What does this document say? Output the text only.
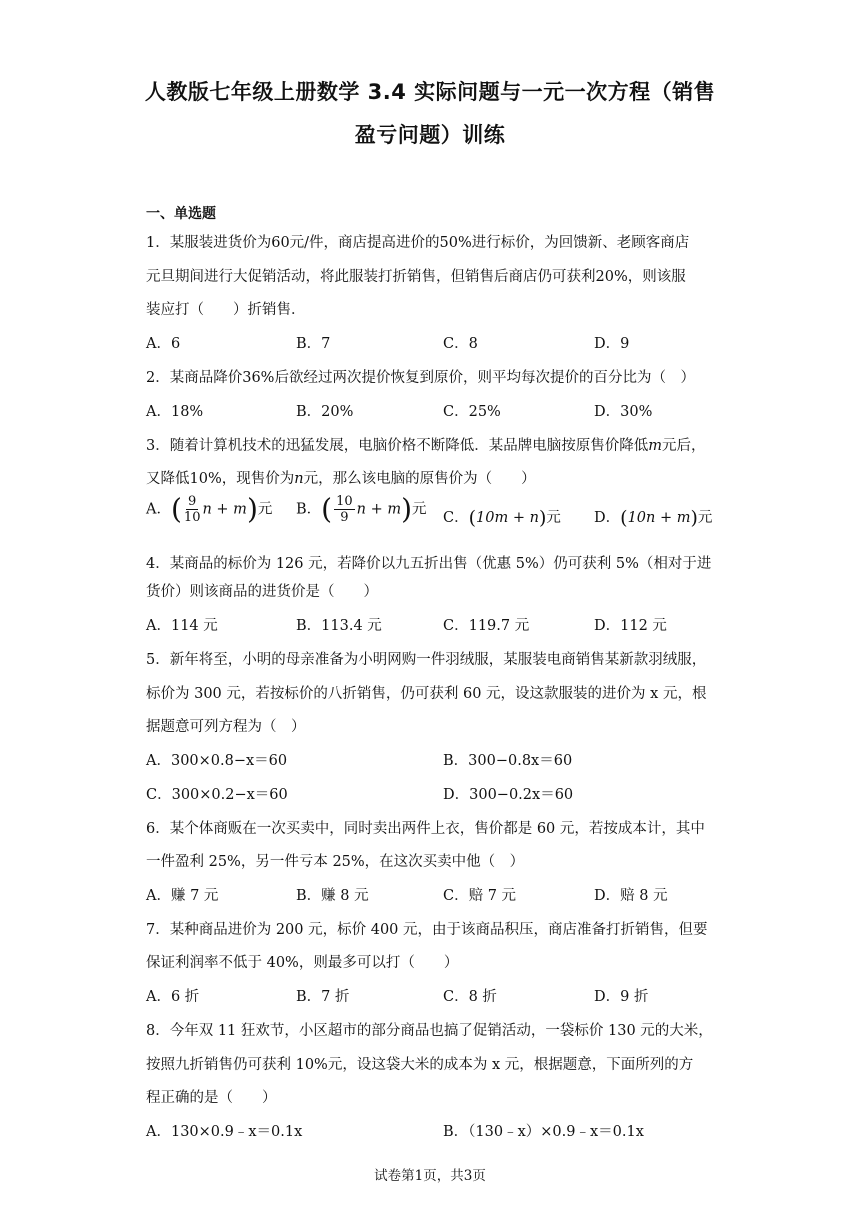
人教版七年级上册数学 3.4 实际问题与一元一次方程（销售
盈亏问题）训练
一、单选题
1．某服装进货价为60元/件，商店提高进价的50%进行标价，为回馈新、老顾客商店
元旦期间进行大促销活动，将此服装打折销售，但销售后商店仍可获利20%，则该服
装应打（　　）折销售．
A．6	B．7	C．8	D．9
2．某商品降价36%后欲经过两次提价恢复到原价，则平均每次提价的百分比为（　）
A．18%	B．20%	C．25%	D．30%
3．随着计算机技术的迅猛发展，电脑价格不断降低．某品牌电脑按原售价降低m元后，
又降低10%，现售价为n元，那么该电脑的原售价为（　　）
A．( $\frac{9}{10}$ n + m)元 B．( $\frac{10}{9}$ n + m)元
C．(10m + n)元 D．(10n + m)元
4．某商品的标价为 126 元，若降价以九五折出售（优惠 5%）仍可获利 5%（相对于进
货价）则该商品的进货价是（　　）
A．114 元	B．113.4 元	C．119.7 元	D．112 元
5．新年将至，小明的母亲准备为小明网购一件羽绒服，某服装电商销售某新款羽绒服，
标价为 300 元，若按标价的八折销售，仍可获利 60 元，设这款服装的进价为 x 元，根
据题意可列方程为（　）
A．300×0.8−x＝60	B．300−0.8x＝60
C．300×0.2−x＝60	D．300−0.2x＝60
6．某个体商贩在一次买卖中，同时卖出两件上衣，售价都是 60 元，若按成本计，其中
一件盈利 25%，另一件亏本 25%，在这次买卖中他（　）
A．赚 7 元	B．赚 8 元	C．赔 7 元	D．赔 8 元
7．某种商品进价为 200 元，标价 400 元，由于该商品积压，商店准备打折销售，但要
保证利润率不低于 40%，则最多可以打（　　）
A．6 折	B．7 折	C．8 折	D．9 折
8．今年双 11 狂欢节，小区超市的部分商品也搞了促销活动，一袋标价 130 元的大米，
按照九折销售仍可获利 10%元，设这袋大米的成本为 x 元，根据题意，下面所列的方
程正确的是（　　）
A．130×0.9﹣x＝0.1x	B．（130﹣x）×0.9﹣x＝0.1x
试卷第1页，共3页
